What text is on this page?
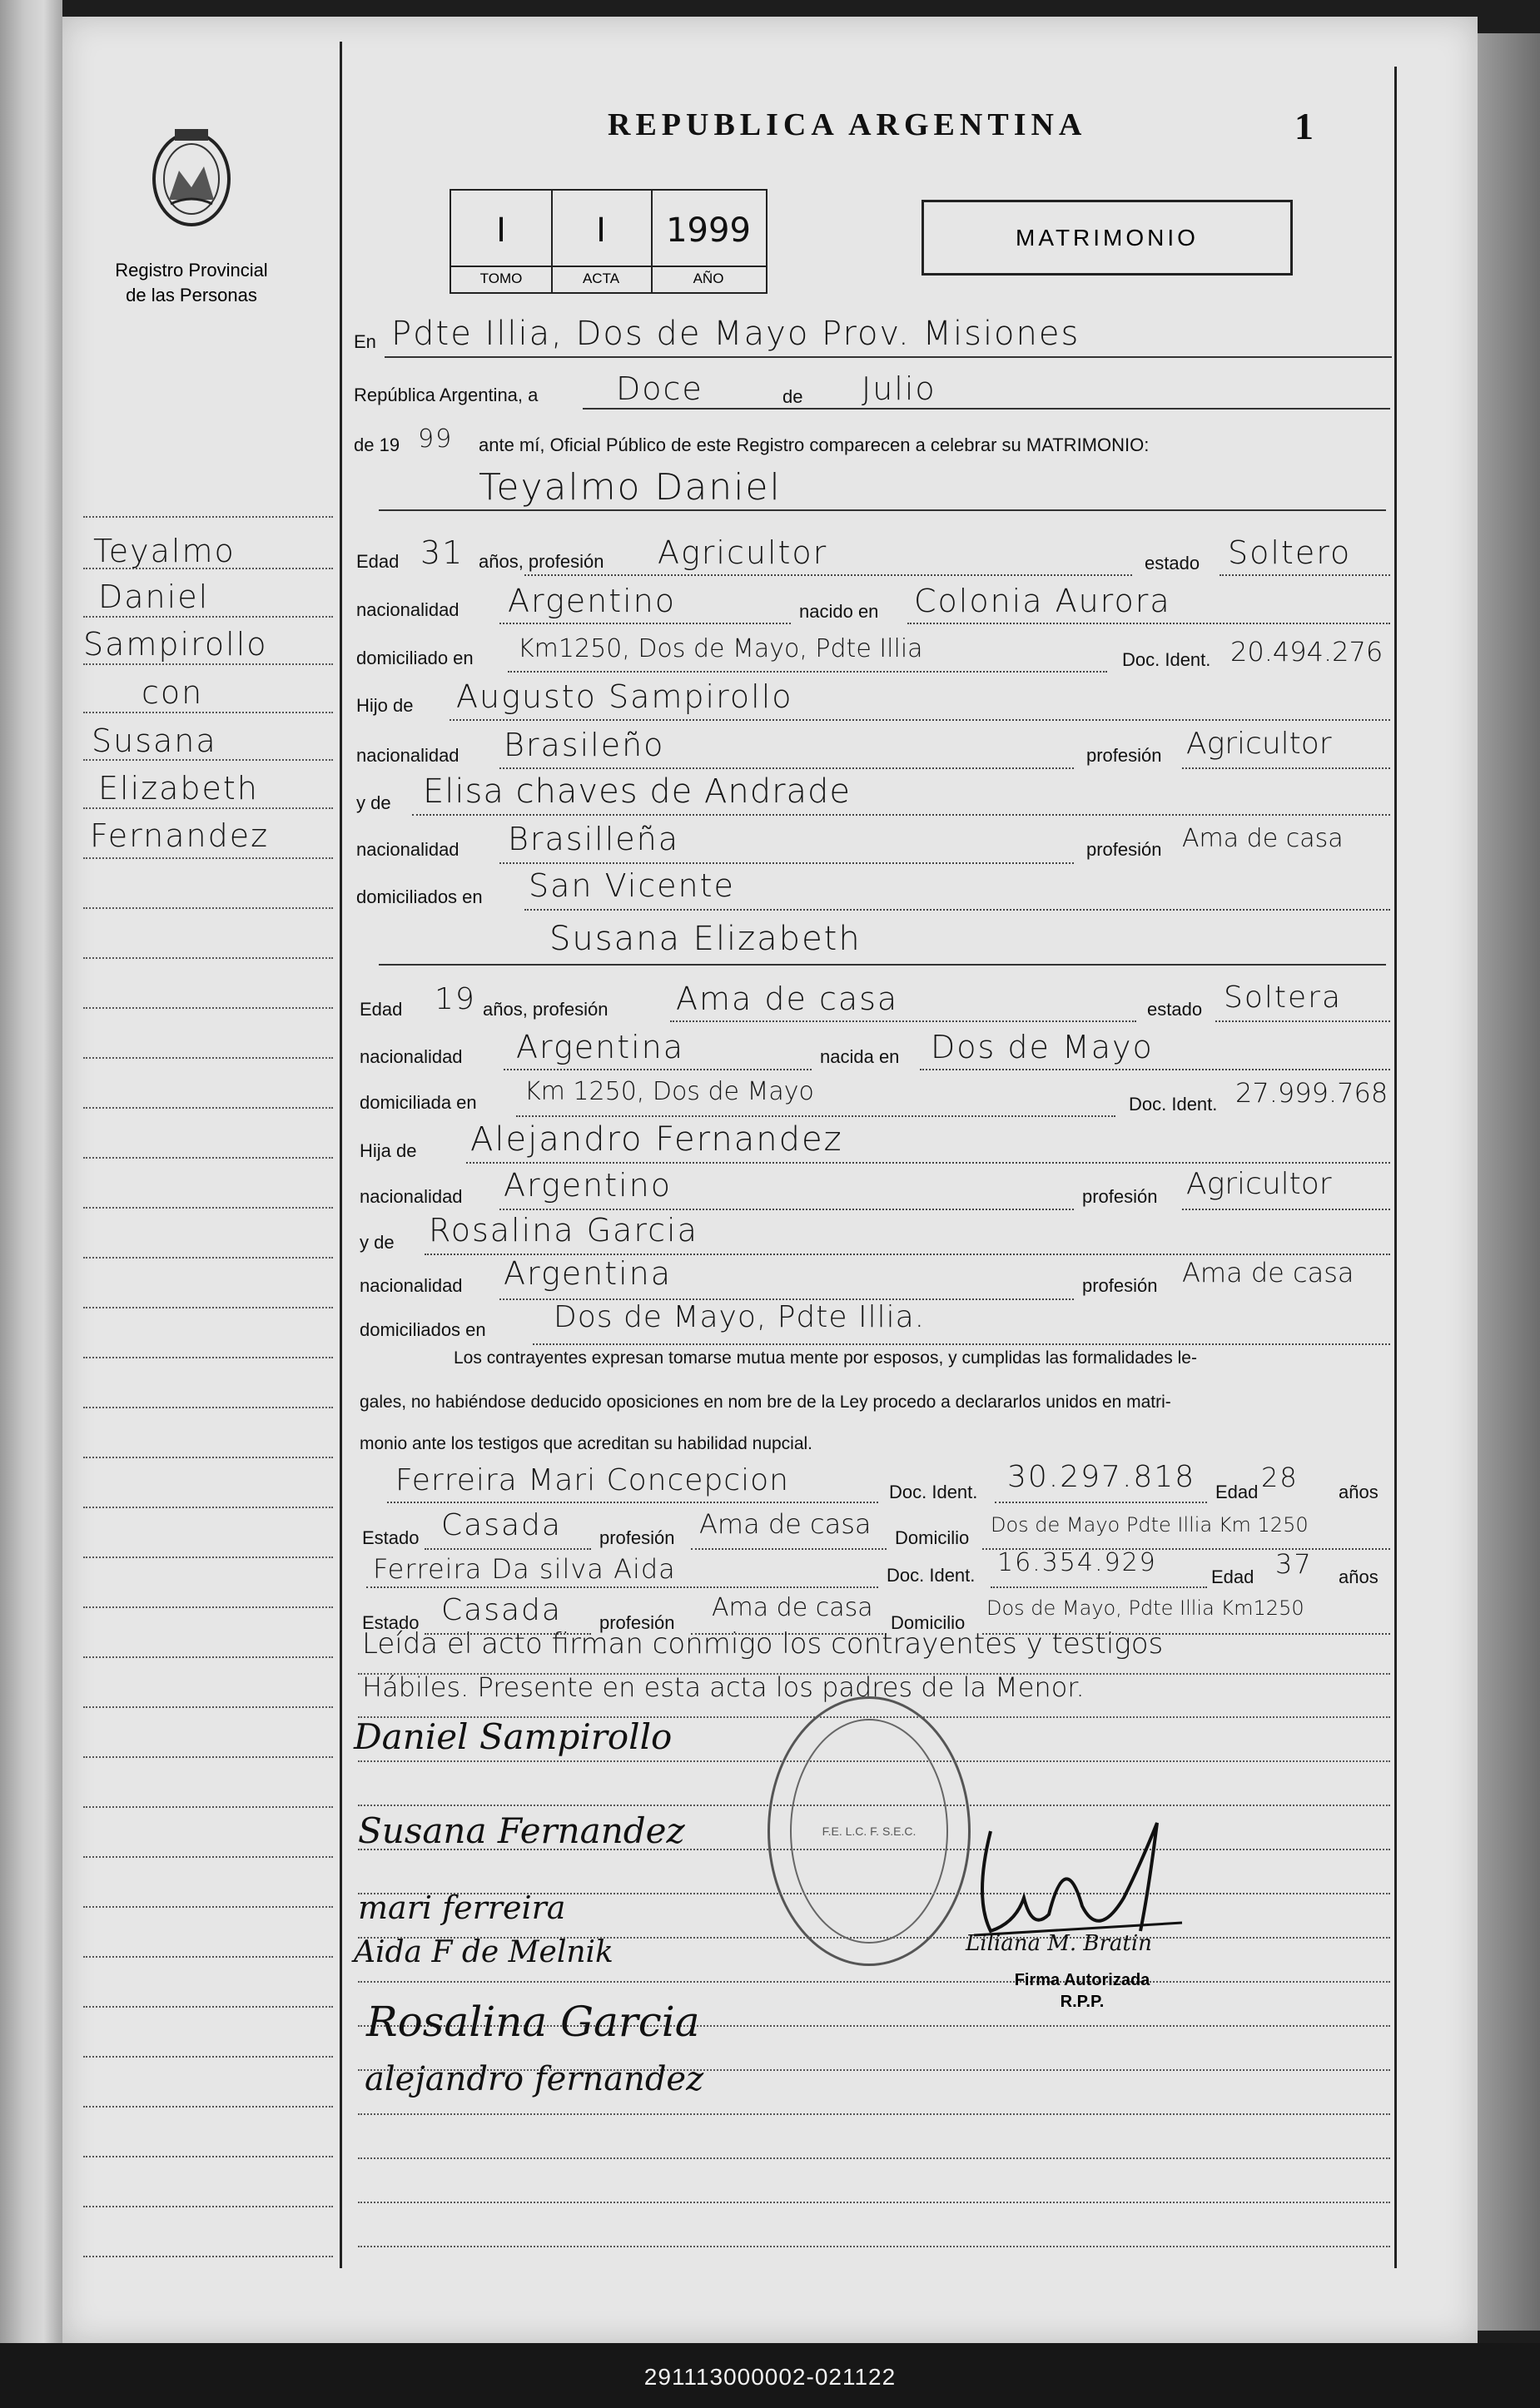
REPUBLICA ARGENTINA	1
Registro Provincial
de las Personas
I
TOMO
I
ACTA
1999
AÑO
MATRIMONIO
Teyalmo
Daniel
Sampirollo
con
Susana
Elizabeth
Fernandez
En Pdte Illia, Dos de Mayo Prov. Misiones
República Argentina, a Doce	de Julio
de 19 99 ante mí, Oficial Público de este Registro comparecen a celebrar su MATRIMONIO:
Teyalmo Daniel
Edad 31 años, profesión Agricultor	estado Soltero
nacionalidad Argentino	nacido en Colonia Aurora
domiciliado en Km1250, Dos de Mayo, Pdte Illia	Doc. Ident. 20.494.276
Hijo de Augusto Sampirollo
nacionalidad Brasileño	profesión Agricultor
y de Elisa chaves de Andrade
nacionalidad Brasilleña	profesión Ama de casa
domiciliados en San Vicente
Susana Elizabeth
Edad 19 años, profesión Ama de casa	estado Soltera
nacionalidad Argentina	nacida en Dos de Mayo
domiciliada en Km 1250, Dos de Mayo	Doc. Ident. 27.999.768
Hija de Alejandro Fernandez
nacionalidad Argentino	profesión Agricultor
y de Rosalina Garcia
nacionalidad Argentina	profesión Ama de casa
domiciliados en Dos de Mayo, Pdte Illia.
Los contrayentes expresan tomarse mutua mente por esposos, y cumplidas las formalidades le-
gales, no habiéndose deducido oposiciones en nom bre de la Ley procedo a declararlos unidos en matri-
monio ante los testigos que acreditan su habilidad nupcial.
Ferreira Mari Concepcion	Doc. Ident. 30.297.818 Edad 28 años
Estado Casada profesión Ama de casa Domicilio
Dos de Mayo Pdte Illia Km 1250
Ferreira Da silva Aida	Doc. Ident. 16.354.929	Edad 37 años
Estado Casada profesión
Ama de casa
Domicilio
Dos de Mayo, Pdte Illia Km1250
Leída el acto firman conmigo los contrayentes y testigos
Hábiles. Presente en esta acta los padres de la Menor.
Daniel Sampirollo
Susana Fernandez
mari ferreira
Aida F de Melnik
Rosalina Garcia
alejandro fernandez
F.E. L.C. F. S.E.C.
Liliana M. Bratin
Firma Autorizada
R.P.P.
291113000002-021122
